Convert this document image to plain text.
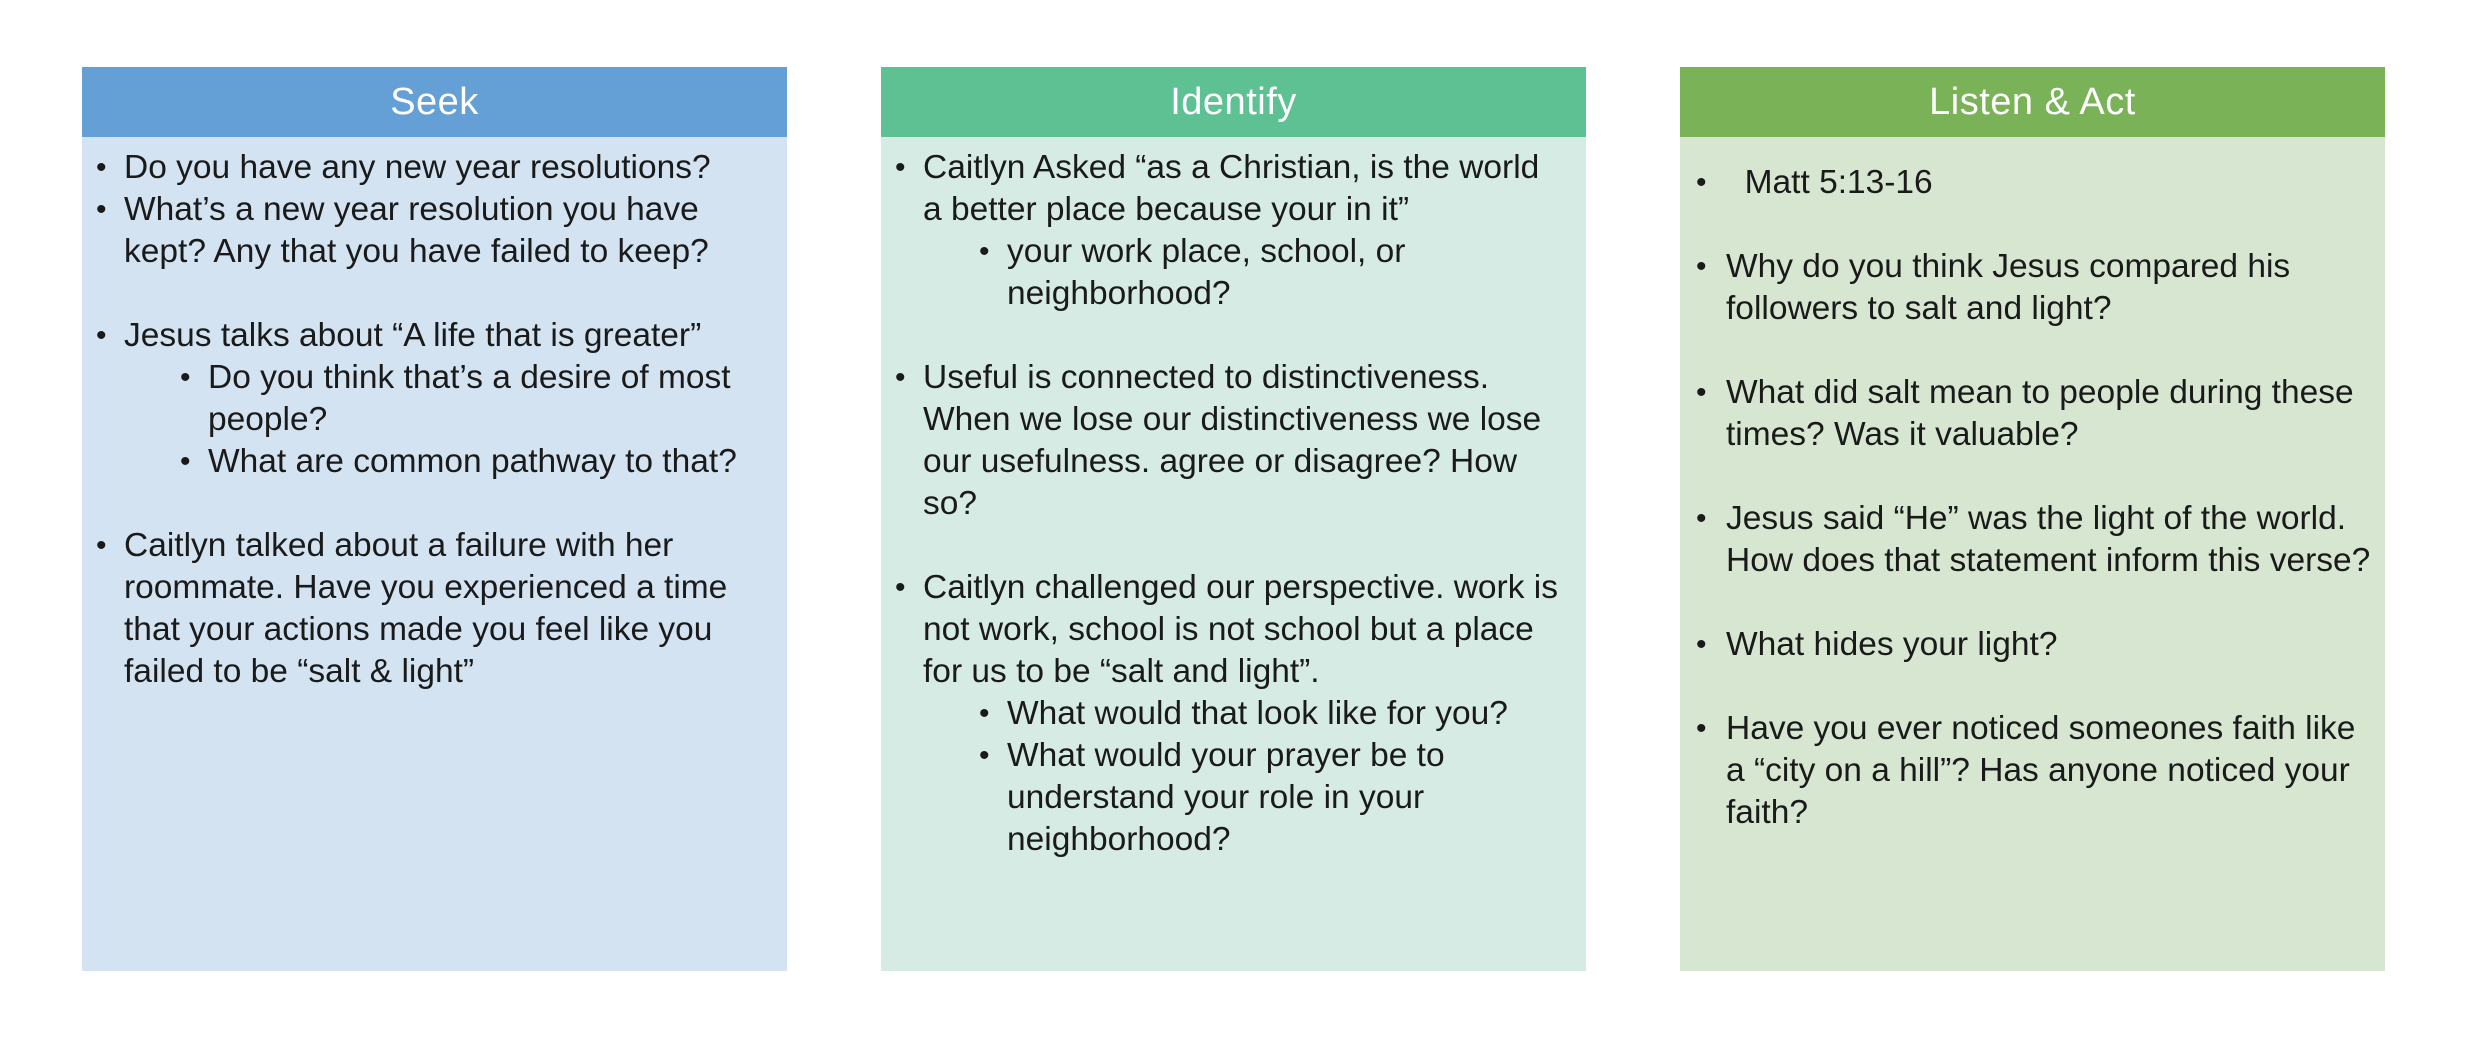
Seek
• Do you have any new year resolutions?
• What’s a new year resolution you have kept? Any that you have failed to keep?
• Jesus talks about “A life that is greater”
• Do you think that’s a desire of most people?
• What are common pathway to that?
• Caitlyn talked about a failure with her roommate. Have you experienced a time that your actions made you feel like you failed to be “salt & light”
Identify
• Caitlyn Asked “as a Christian, is the world a better place because your in it”
• your work place, school, or neighborhood?
• Useful is connected to distinctiveness. When we lose our distinctiveness we lose our usefulness. agree or disagree? How so?
• Caitlyn challenged our perspective. work is not work, school is not school but a place for us to be “salt and light”.
• What would that look like for you?
• What would your prayer be to understand your role in your neighborhood?
Listen & Act
•   Matt 5:13-16
• Why do you think Jesus compared his followers to salt and light?
• What did salt mean to people during these times? Was it valuable?
• Jesus said “He” was the light of the world. How does that statement inform this verse?
• What hides your light?
• Have you ever noticed someones faith like a “city on a hill”? Has anyone noticed your faith?
